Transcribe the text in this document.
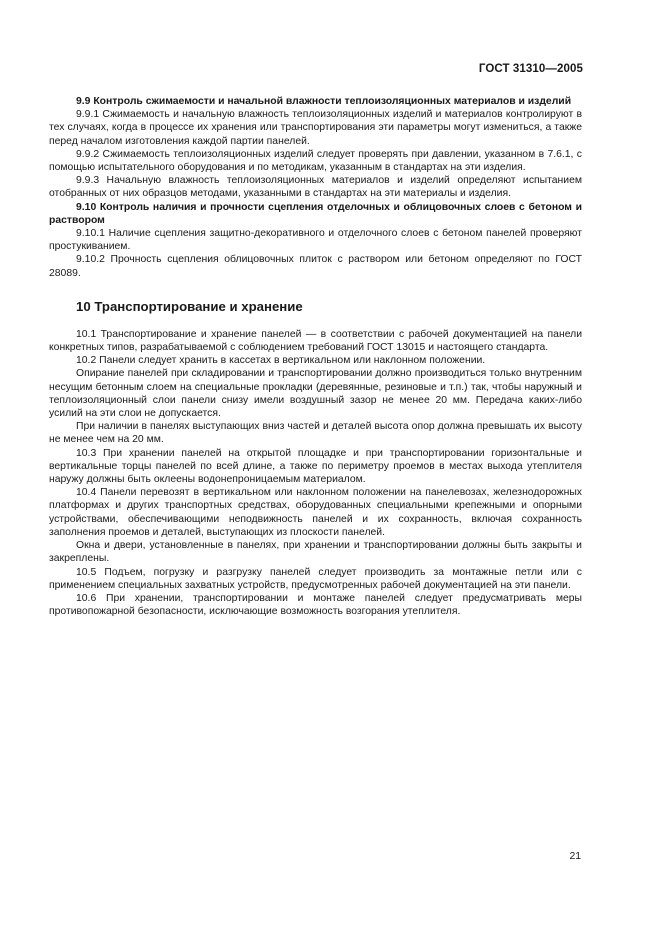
ГОСТ 31310—2005

9.9 Контроль сжимаемости и начальной влажности теплоизоляционных материалов и изделий

9.9.1 Сжимаемость и начальную влажность теплоизоляционных изделий и материалов контролируют в тех случаях, когда в процессе их хранения или транспортирования эти параметры могут измениться, а также перед началом изготовления каждой партии панелей.

9.9.2 Сжимаемость теплоизоляционных изделий следует проверять при давлении, указанном в 7.6.1, с помощью испытательного оборудования и по методикам, указанным в стандартах на эти изделия.

9.9.3 Начальную влажность теплоизоляционных материалов и изделий определяют испытанием отобранных от них образцов методами, указанными в стандартах на эти материалы и изделия.

9.10 Контроль наличия и прочности сцепления отделочных и облицовочных слоев с бетоном и раствором

9.10.1 Наличие сцепления защитно-декоративного и отделочного слоев с бетоном панелей проверяют простукиванием.

9.10.2 Прочность сцепления облицовочных плиток с раствором или бетоном определяют по ГОСТ 28089.

10 Транспортирование и хранение

10.1 Транспортирование и хранение панелей — в соответствии с рабочей документацией на панели конкретных типов, разрабатываемой с соблюдением требований ГОСТ 13015 и настоящего стандарта.

10.2 Панели следует хранить в кассетах в вертикальном или наклонном положении.

Опирание панелей при складировании и транспортировании должно производиться только внутренним несущим бетонным слоем на специальные прокладки (деревянные, резиновые и т.п.) так, чтобы наружный и теплоизоляционный слои панели снизу имели воздушный зазор не менее 20 мм. Передача каких-либо усилий на эти слои не допускается.

При наличии в панелях выступающих вниз частей и деталей высота опор должна превышать их высоту не менее чем на 20 мм.

10.3 При хранении панелей на открытой площадке и при транспортировании горизонтальные и вертикальные торцы панелей по всей длине, а также по периметру проемов в местах выхода утеплителя наружу должны быть оклеены водонепроницаемым материалом.

10.4 Панели перевозят в вертикальном или наклонном положении на панелевозах, железнодорожных платформах и других транспортных средствах, оборудованных специальными крепежными и опорными устройствами, обеспечивающими неподвижность панелей и их сохранность, включая сохранность заполнения проемов и деталей, выступающих из плоскости панелей.

Окна и двери, установленные в панелях, при хранении и транспортировании должны быть закрыты и закреплены.

10.5 Подъем, погрузку и разгрузку панелей следует производить за монтажные петли или с применением специальных захватных устройств, предусмотренных рабочей документацией на эти панели.

10.6 При хранении, транспортировании и монтаже панелей следует предусматривать меры противопожарной безопасности, исключающие возможность возгорания утеплителя.

21
